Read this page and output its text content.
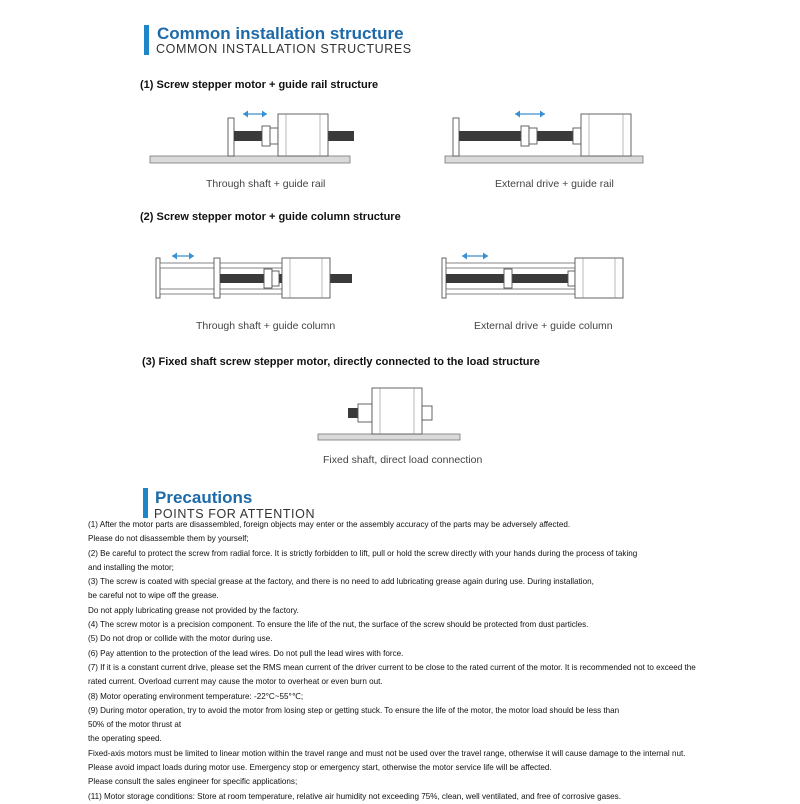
Common installation structure
COMMON INSTALLATION STRUCTURES
(1) Screw stepper motor + guide rail structure
Through shaft + guide rail	External drive + guide rail
(2) Screw stepper motor + guide column structure
Through shaft + guide column	External drive + guide column
(3) Fixed shaft screw stepper motor, directly connected to the load structure
Fixed shaft, direct load connection
Precautions
POINTS FOR ATTENTION
(1) After the motor parts are disassembled, foreign objects may enter or the assembly accuracy of the parts may be adversely affected.
Please do not disassemble them by yourself;
(2) Be careful to protect the screw from radial force. It is strictly forbidden to lift, pull or hold the screw directly with your hands during the process of taking
and installing the motor;
(3) The screw is coated with special grease at the factory, and there is no need to add lubricating grease again during use. During installation,
be careful not to wipe off the grease.
Do not apply lubricating grease not provided by the factory.
(4) The screw motor is a precision component. To ensure the life of the nut, the surface of the screw should be protected from dust particles.
(5) Do not drop or collide with the motor during use.
(6) Pay attention to the protection of the lead wires. Do not pull the lead wires with force.
(7) If it is a constant current drive, please set the RMS mean current of the driver current to be close to the rated current of the motor. It is recommended not to exceed the
rated current. Overload current may cause the motor to overheat or even burn out.
(8) Motor operating environment temperature: -22°C~55°℃;
(9) During motor operation, try to avoid the motor from losing step or getting stuck. To ensure the life of the motor, the motor load should be less than
50% of the motor thrust at
the operating speed.
Fixed-axis motors must be limited to linear motion within the travel range and must not be used over the travel range, otherwise it will cause damage to the internal nut.
Please avoid impact loads during motor use. Emergency stop or emergency start, otherwise the motor service life will be affected.
Please consult the sales engineer for specific applications;
(11) Motor storage conditions: Store at room temperature, relative air humidity not exceeding 75%, clean, well ventilated, and free of corrosive gases.
